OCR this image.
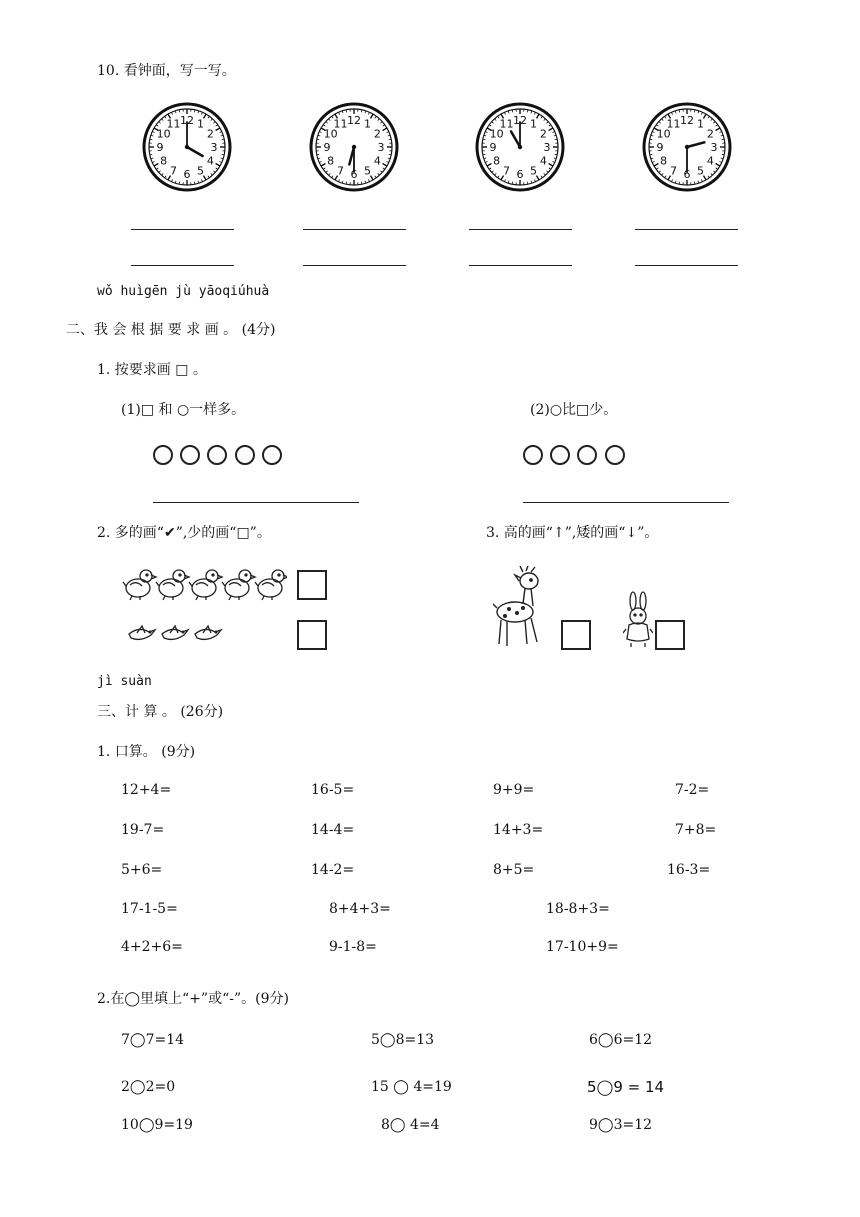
10. 看钟面，写一写。
1
2
3
4
5
6
7
8
9
10
11 12	1
2
3
4
5
6
7
8
9
10
11 12	1
2
3
4
5
6
7
8
9
10
11 12	1
2
3
4
5
6
7
8
9
10
11 12
wǒ huìgēn jù yāoqiúhuà
二、我 会 根 据 要 求 画 。 (4分)
1. 按要求画 □ 。
(1)□ 和 ○一样多。	(2)○比□少。
2. 多的画“✔”,少的画“□”。	3. 高的画“↑”,矮的画“↓”。
jì suàn
三、计 算 。 (26分)
1. 口算。 (9分)
12+4=	16-5=	9+9=	7-2=
19-7=	14-4=	14+3=	7+8=
5+6=	14-2=	8+5=	16-3=
17-1-5=	8+4+3=	18-8+3=
4+2+6=	9-1-8=	17-10+9=
2.在◯里填上“+”或“-”。(9分)
7◯7=14	5◯8=13	6◯6=12
2◯2=0	15 ◯ 4=19	5◯9 = 14
10◯9=19	8◯ 4=4	9◯3=12
